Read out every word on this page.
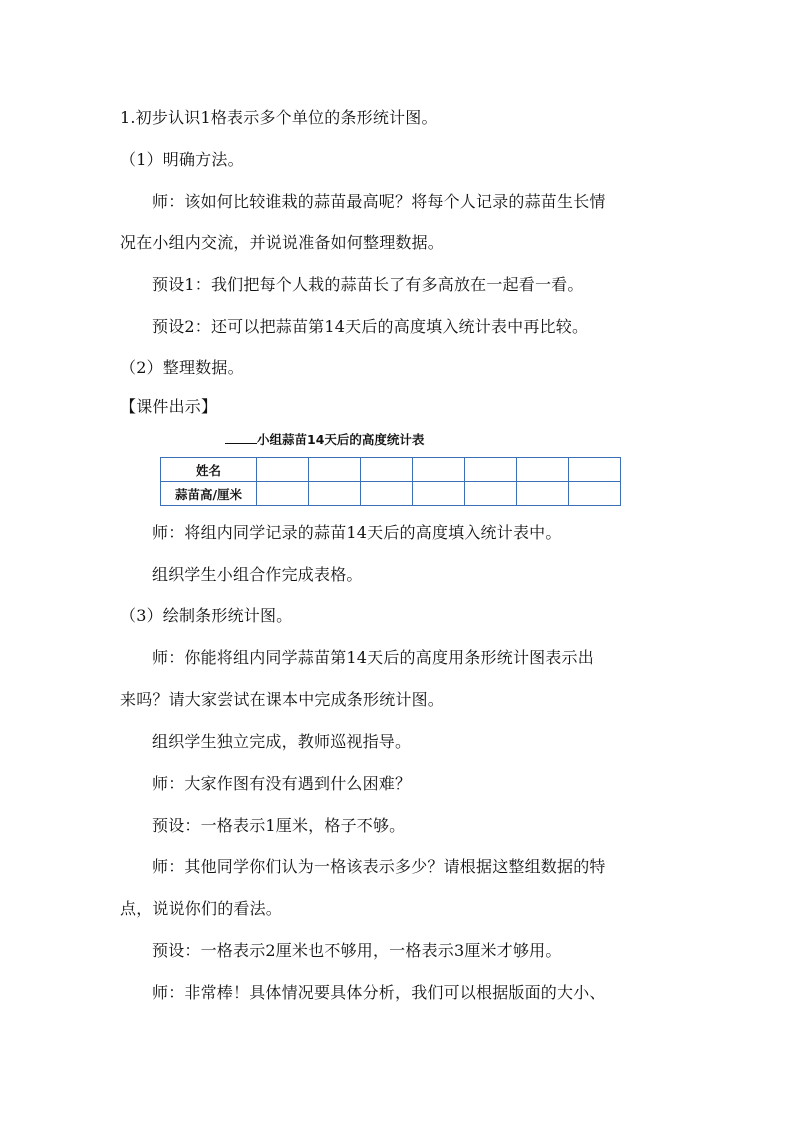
1.初步认识1格表示多个单位的条形统计图。
（1）明确方法。
师：该如何比较谁栽的蒜苗最高呢？将每个人记录的蒜苗生长情
况在小组内交流，并说说准备如何整理数据。
预设1：我们把每个人栽的蒜苗长了有多高放在一起看一看。
预设2：还可以把蒜苗第14天后的高度填入统计表中再比较。
（2）整理数据。
【课件出示】
小组蒜苗14天后的高度统计表
姓名							
蒜苗高/厘米							
师：将组内同学记录的蒜苗14天后的高度填入统计表中。
组织学生小组合作完成表格。
（3）绘制条形统计图。
师：你能将组内同学蒜苗第14天后的高度用条形统计图表示出
来吗？请大家尝试在课本中完成条形统计图。
组织学生独立完成，教师巡视指导。
师：大家作图有没有遇到什么困难？
预设：一格表示1厘米，格子不够。
师：其他同学你们认为一格该表示多少？请根据这整组数据的特
点，说说你们的看法。
预设：一格表示2厘米也不够用，一格表示3厘米才够用。
师：非常棒！具体情况要具体分析，我们可以根据版面的大小、
